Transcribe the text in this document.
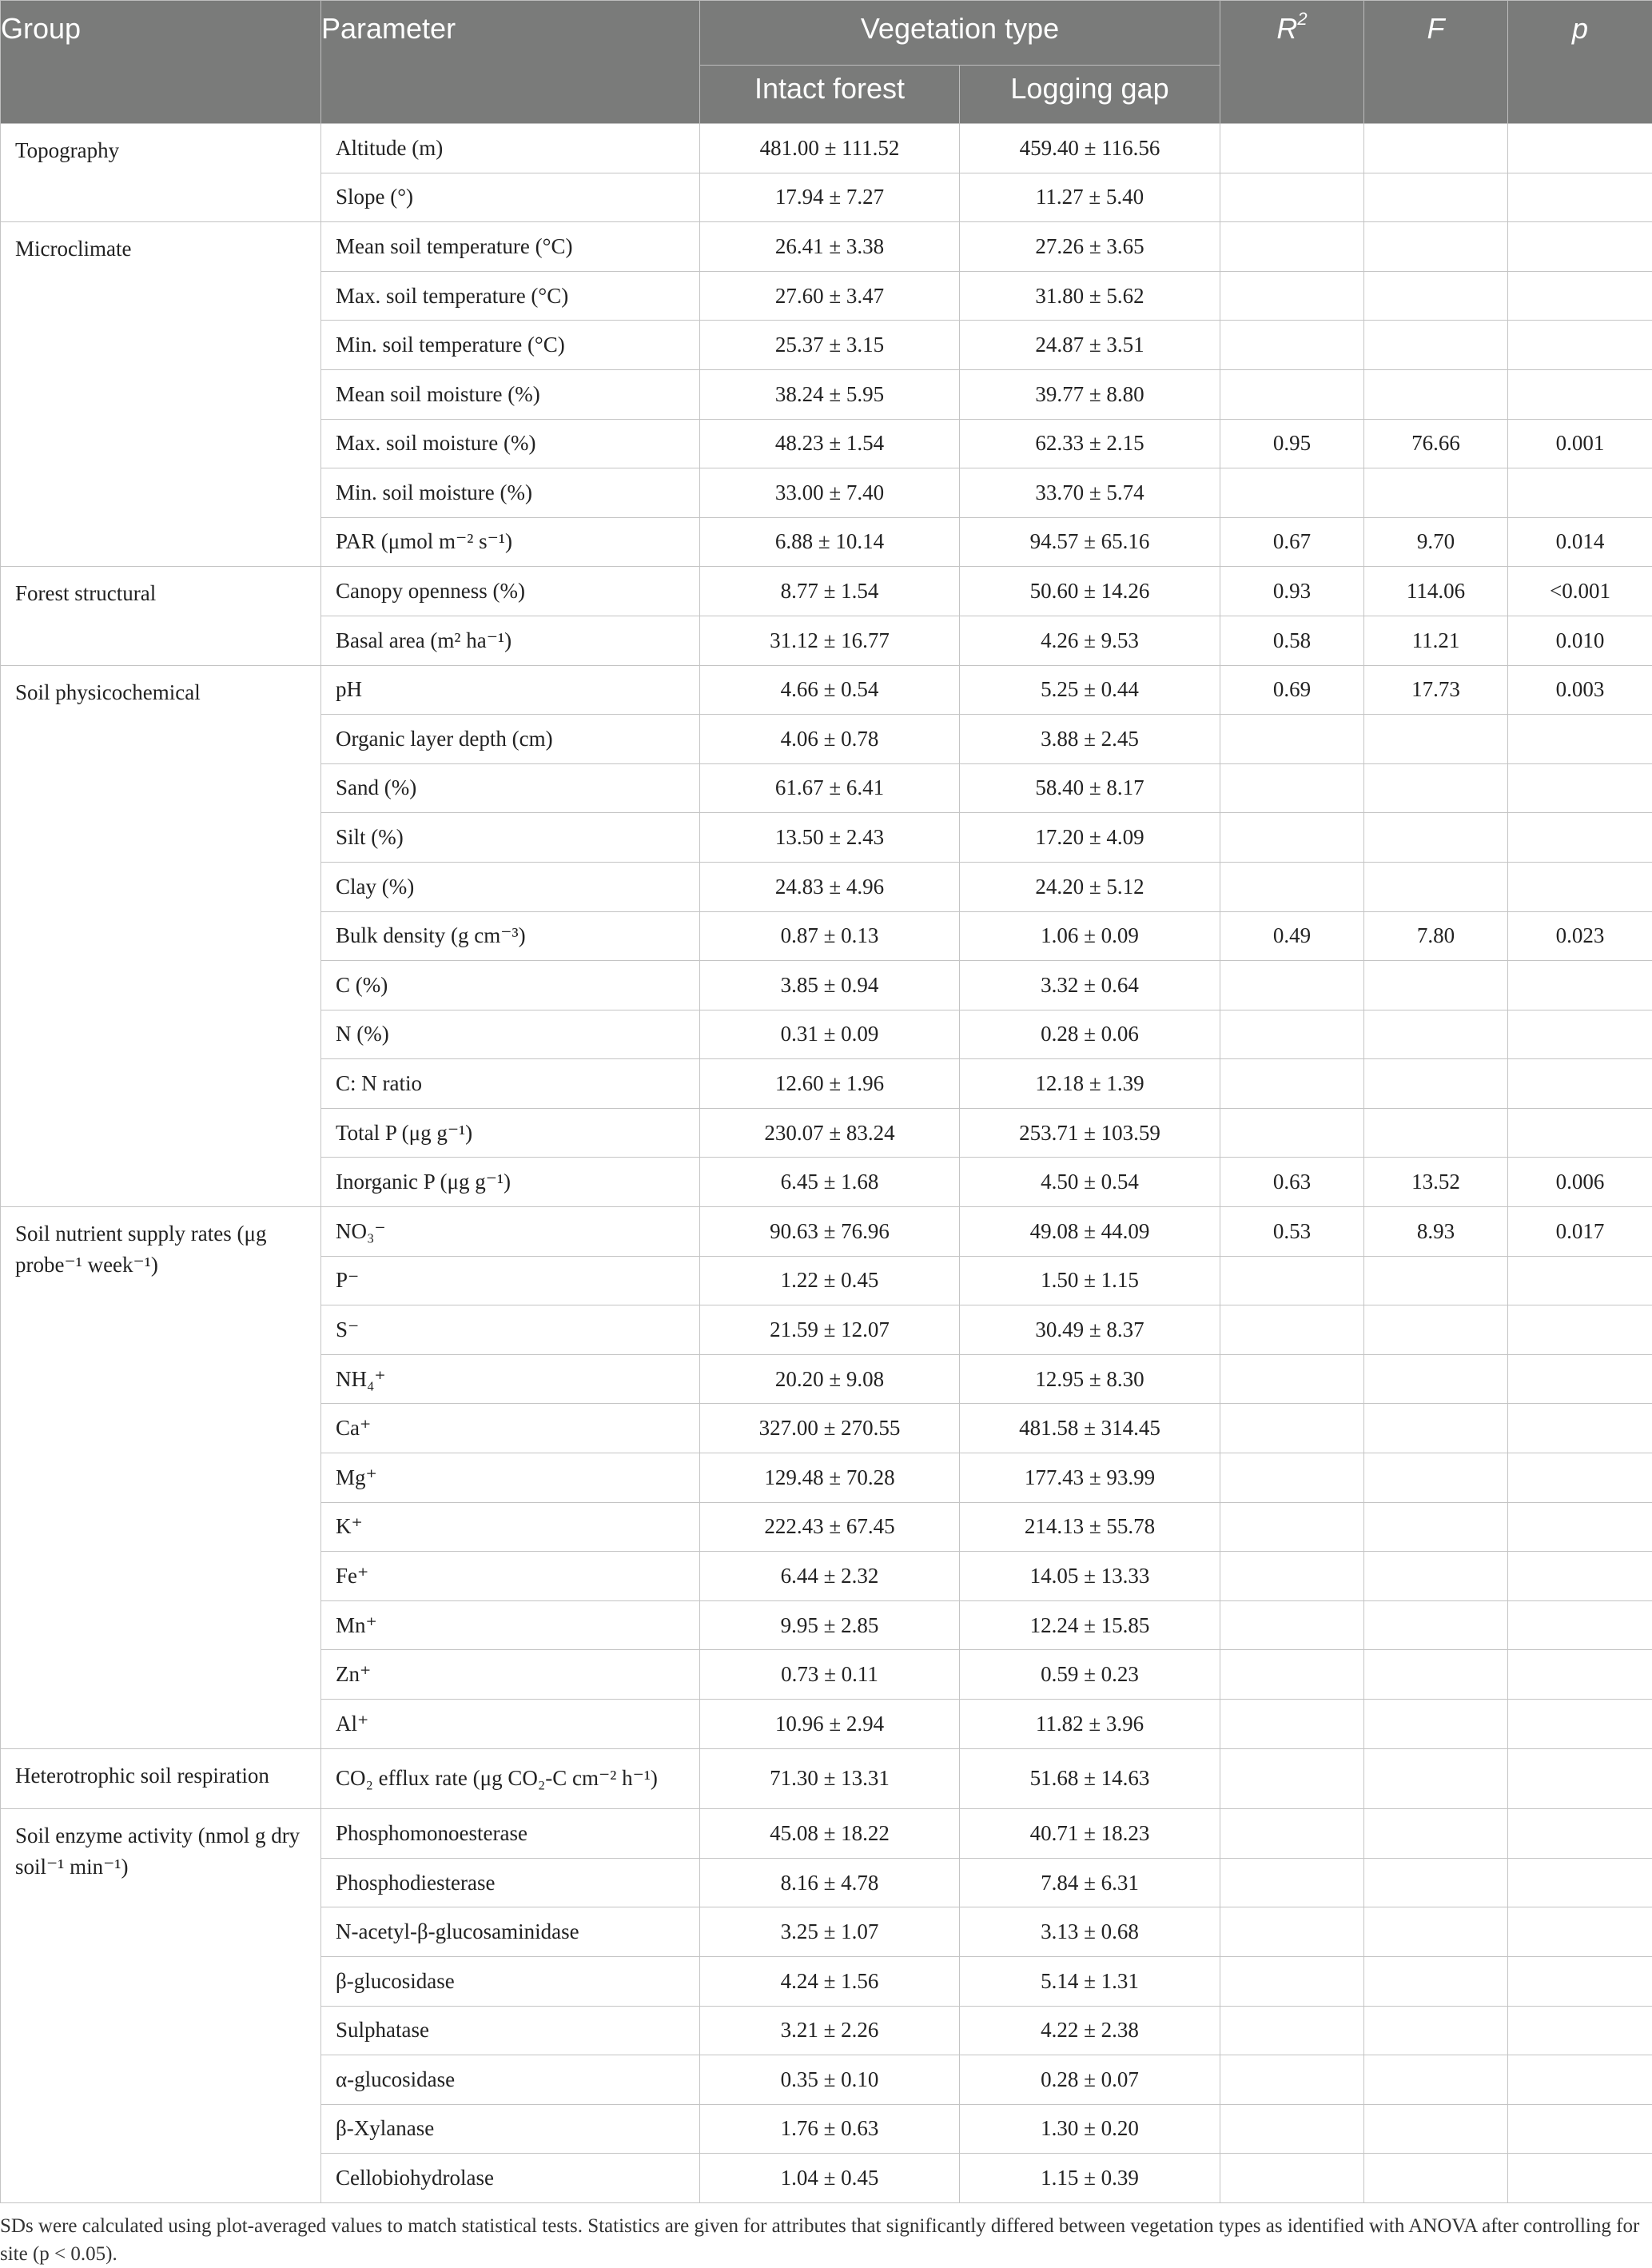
Group	Parameter	Vegetation type		$R^2$	F	p
		Intact forest	Logging gap			
Topography	Altitude (m)	481.00 ± 111.52	459.40 ± 116.56			
	Slope (°)	17.94 ± 7.27	11.27 ± 5.40			
Microclimate	Mean soil temperature (°C)	26.41 ± 3.38	27.26 ± 3.65			
	Max. soil temperature (°C)	27.60 ± 3.47	31.80 ± 5.62			
	Min. soil temperature (°C)	25.37 ± 3.15	24.87 ± 3.51			
	Mean soil moisture (%)	38.24 ± 5.95	39.77 ± 8.80			
	Max. soil moisture (%)	48.23 ± 1.54	62.33 ± 2.15	0.95	76.66	0.001
	Min. soil moisture (%)	33.00 ± 7.40	33.70 ± 5.74			
	PAR (μmol m⁻² s⁻¹)	6.88 ± 10.14	94.57 ± 65.16	0.67	9.70	0.014
Forest structural	Canopy openness (%)	8.77 ± 1.54	50.60 ± 14.26	0.93	114.06	<0.001
	Basal area (m² ha⁻¹)	31.12 ± 16.77	4.26 ± 9.53	0.58	11.21	0.010
Soil physicochemical	pH	4.66 ± 0.54	5.25 ± 0.44	0.69	17.73	0.003
	Organic layer depth (cm)	4.06 ± 0.78	3.88 ± 2.45			
	Sand (%)	61.67 ± 6.41	58.40 ± 8.17			
	Silt (%)	13.50 ± 2.43	17.20 ± 4.09			
	Clay (%)	24.83 ± 4.96	24.20 ± 5.12			
	Bulk density (g cm⁻³)	0.87 ± 0.13	1.06 ± 0.09	0.49	7.80	0.023
	C (%)	3.85 ± 0.94	3.32 ± 0.64			
	N (%)	0.31 ± 0.09	0.28 ± 0.06			
	C: N ratio	12.60 ± 1.96	12.18 ± 1.39			
	Total P (μg g⁻¹)	230.07 ± 83.24	253.71 ± 103.59			
	Inorganic P (μg g⁻¹)	6.45 ± 1.68	4.50 ± 0.54	0.63	13.52	0.006
Soil nutrient supply rates (μg probe⁻¹ week⁻¹)	NO₃⁻	90.63 ± 76.96	49.08 ± 44.09	0.53	8.93	0.017
	P⁻	1.22 ± 0.45	1.50 ± 1.15			
	S⁻	21.59 ± 12.07	30.49 ± 8.37			
	NH₄⁺	20.20 ± 9.08	12.95 ± 8.30			
	Ca⁺	327.00 ± 270.55	481.58 ± 314.45			
	Mg⁺	129.48 ± 70.28	177.43 ± 93.99			
	K⁺	222.43 ± 67.45	214.13 ± 55.78			
	Fe⁺	6.44 ± 2.32	14.05 ± 13.33			
	Mn⁺	9.95 ± 2.85	12.24 ± 15.85			
	Zn⁺	0.73 ± 0.11	0.59 ± 0.23			
	Al⁺	10.96 ± 2.94	11.82 ± 3.96			
Heterotrophic soil respiration	CO₂ efflux rate (μg CO₂-C cm⁻² h⁻¹)	71.30 ± 13.31	51.68 ± 14.63			
Soil enzyme activity (nmol g dry soil⁻¹ min⁻¹)	Phosphomonoesterase	45.08 ± 18.22	40.71 ± 18.23			
	Phosphodiesterase	8.16 ± 4.78	7.84 ± 6.31			
	N-acetyl-β-glucosaminidase	3.25 ± 1.07	3.13 ± 0.68			
	β-glucosidase	4.24 ± 1.56	5.14 ± 1.31			
	Sulphatase	3.21 ± 2.26	4.22 ± 2.38			
	α-glucosidase	0.35 ± 0.10	0.28 ± 0.07			
	β-Xylanase	1.76 ± 0.63	1.30 ± 0.20			
	Cellobiohydrolase	1.04 ± 0.45	1.15 ± 0.39			

SDs were calculated using plot-averaged values to match statistical tests. Statistics are given for attributes that significantly differed between vegetation types as identified with ANOVA after controlling for site (p < 0.05).
